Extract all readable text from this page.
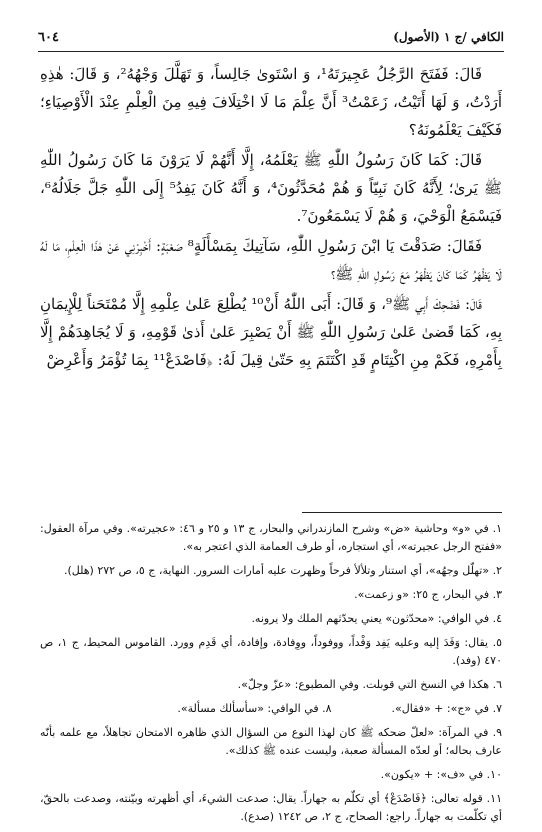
الكافي /ج ١ (الأصول)
٦٠٤

قَالَ: فَفَتَحَ الرَّجُلُ عَجِيرَتَهُ¹، وَ اسْتَوىٰ جَالِساً، وَ تَهَلَّلَ وَجْهُهُ²، وَ قَالَ: هٰذِهِ أَرَدْتُ، وَ لَهَا أَتَيْتُ، زَعَمْتُ³ أَنَّ عِلْمَ مَا لَا اخْتِلَافَ فِيهِ مِنَ الْعِلْمِ عِنْدَ الْأَوْصِيَاءِ؛ فَكَيْفَ يَعْلَمُونَهُ؟

قَالَ: كَمَا كَانَ رَسُولُ اللّٰهِ ﷺ يَعْلَمُهُ، إِلَّا أَنَّهُمْ لَا يَرَوْنَ مَا كَانَ رَسُولُ اللّٰهِ ﷺ يَرىٰ؛ لِأَنَّهُ كَانَ نَبِيّاً وَ هُمْ مُحَدَّثُونَ⁴، وَ أَنَّهُ كَانَ يَفِدُ⁵ إِلَى اللّٰهِ جَلَّ جَلَالُهُ⁶، فَيَسْمَعُ الْوَحْيَ، وَ هُمْ لَا يَسْمَعُونَ⁷.

فَقَالَ: صَدَقْتَ يَا ابْنَ رَسُولِ اللّٰهِ، سَآتِيكَ بِمَسْأَلَةٍ⁸ صَعْبَةٍ: أَخْبِرْنِي عَنْ هٰذَا الْعِلْمِ، مَا لَهُ لَا يَظْهَرُ كَمَا كَانَ يَظْهَرُ مَعَ رَسُولِ اللّٰهِ ﷺ؟

قَالَ: فَضَحِكَ أَبِي ﷺ⁹، وَ قَالَ: أَبَى اللّٰهُ أَنْ¹⁰ يُطْلِعَ عَلىٰ عِلْمِهِ إِلَّا مُمْتَحَناً لِلْإِيمَانِ بِهِ، كَمَا قَضىٰ عَلىٰ رَسُولِ اللّٰهِ ﷺ أَنْ يَصْبِرَ عَلىٰ أَذىٰ قَوْمِهِ، وَ لَا يُجَاهِدَهُمْ إِلَّا بِأَمْرِهِ، فَكَمْ مِنِ اكْتِتَامٍ قَدِ اكْتَتَمَ بِهِ حَتّىٰ قِيلَ لَهُ: ﴿فَاصْدَعْ¹¹ بِمَا تُؤْمَرُ وَأَعْرِضْ

١. في «و» وحاشية «ض» وشرح المازندراني والبحار، ج ١٣ و ٢٥ و ٤٦: «عجيرته». وفي مرآة العقول: «ففتح الرجل عجيرته»، أي استجاره، أو طرف العمامة الذي اعتجر به».

٢. «تهلّل وجهُه»، أي استنار وتلألأ فرحاً وظهرت عليه أمارات السرور. النهاية، ج ٥، ص ٢٧٢ (هلل).

٣. في البحار، ج ٢٥: «و زعمت».

٤. في الوافي: «محدّثون» يعني يحدّثهم الملك ولا يرونه.

٥. يقال: وَفَدَ إليه وعليه يَفِد وَفْداً، ووفوداً، ووِفادة، وإفادة، أي قَدِم وورد. القاموس المحيط، ج ١، ص ٤٧٠ (وفد).

٦. هكذا في النسخ التي قوبلت. وفي المطبوع: «عزّ وجلّ».

٧. في «ج»: + «فقال».
٨. في الوافي: «سأسألك مسألة».

٩. في المرآة: «لعلّ ضحكه ﷺ كان لهذا النوع من السؤال الذي ظاهره الامتحان تجاهلاً، مع علمه بأنّه عارف بحاله؛ أو لعدّه المسألة صعبة، وليست عنده ﷺ كذلك».

١٠. في «ف»: + «يكون».

١١. قوله تعالى: ﴿فَاصْدَعْ﴾ أي تكلّم به جهاراً. يقال: صدعت الشيءَ، أي أظهرته وبيّنته، وصدعت بالحقّ، أي تكلّمت به جهاراً. راجع: الصحاح، ج ٢، ص ١٢٤٢ (صدع).
